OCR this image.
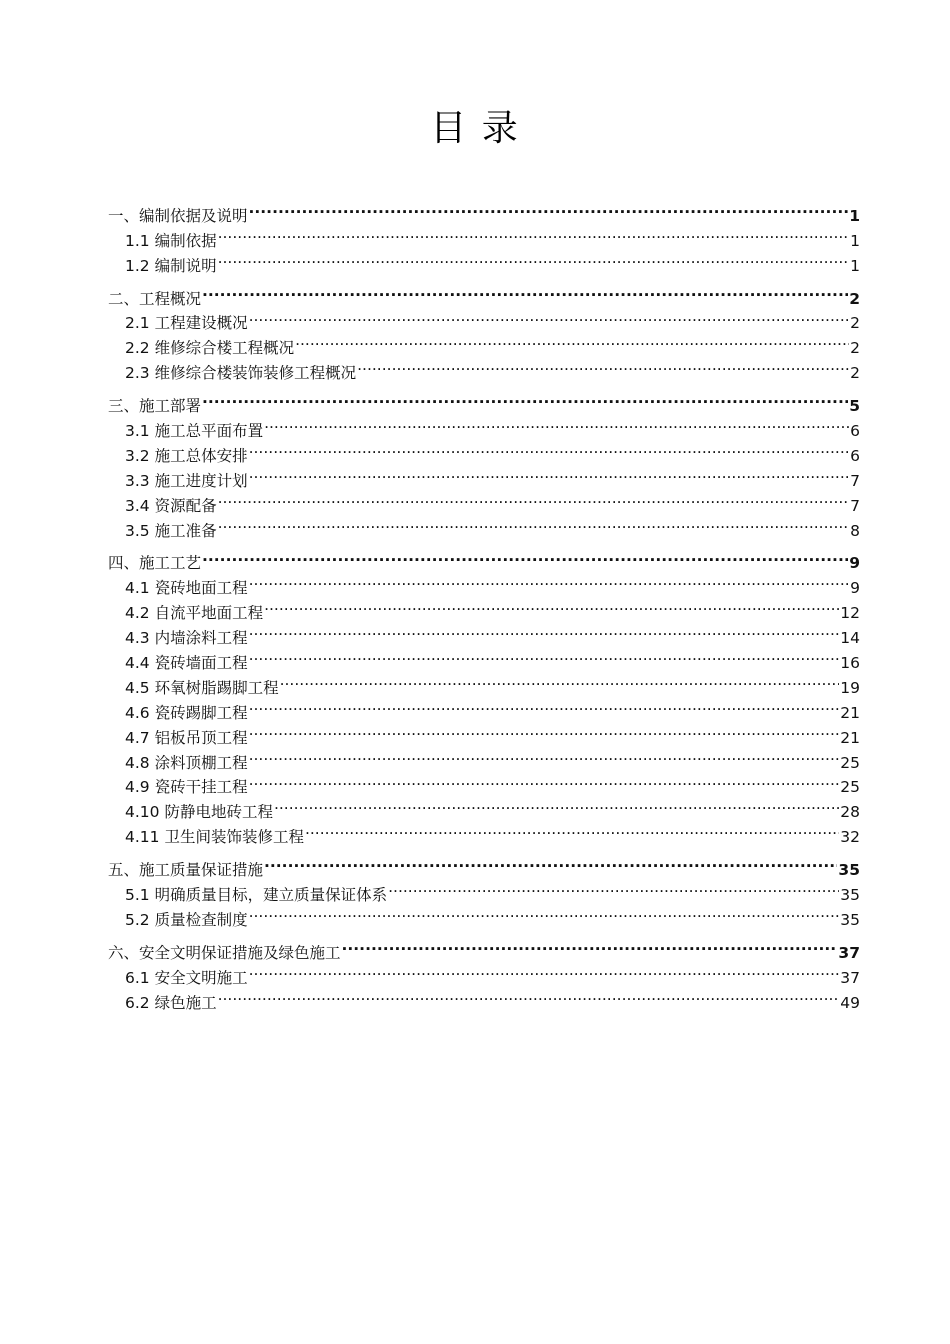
目 录
一、编制依据及说明 .....	1
1.1 编制依据 .....	1
1.2 编制说明 .....	1
二、工程概况 .....	2
2.1 工程建设概况 .....	2
2.2 维修综合楼工程概况 .....	2
2.3 维修综合楼装饰装修工程概况 .....	2
三、施工部署 .....	5
3.1 施工总平面布置 .....	6
3.2 施工总体安排 .....	6
3.3 施工进度计划 .....	7
3.4 资源配备 .....	7
3.5 施工准备 .....	8
四、施工工艺 .....	9
4.1 瓷砖地面工程 .....	9
4.2 自流平地面工程 .....	12
4.3 内墙涂料工程 .....	14
4.4 瓷砖墙面工程 .....	16
4.5 环氧树脂踢脚工程 .....	19
4.6 瓷砖踢脚工程 .....	21
4.7 铝板吊顶工程 .....	21
4.8 涂料顶棚工程 .....	25
4.9 瓷砖干挂工程 .....	25
4.10 防静电地砖工程 .....	28
4.11 卫生间装饰装修工程 .....	32
五、施工质量保证措施 .....	35
5.1 明确质量目标，建立质量保证体系 .....	35
5.2 质量检查制度 .....	35
六、安全文明保证措施及绿色施工 .....	37
6.1 安全文明施工 .....	37
6.2 绿色施工 .....	49
